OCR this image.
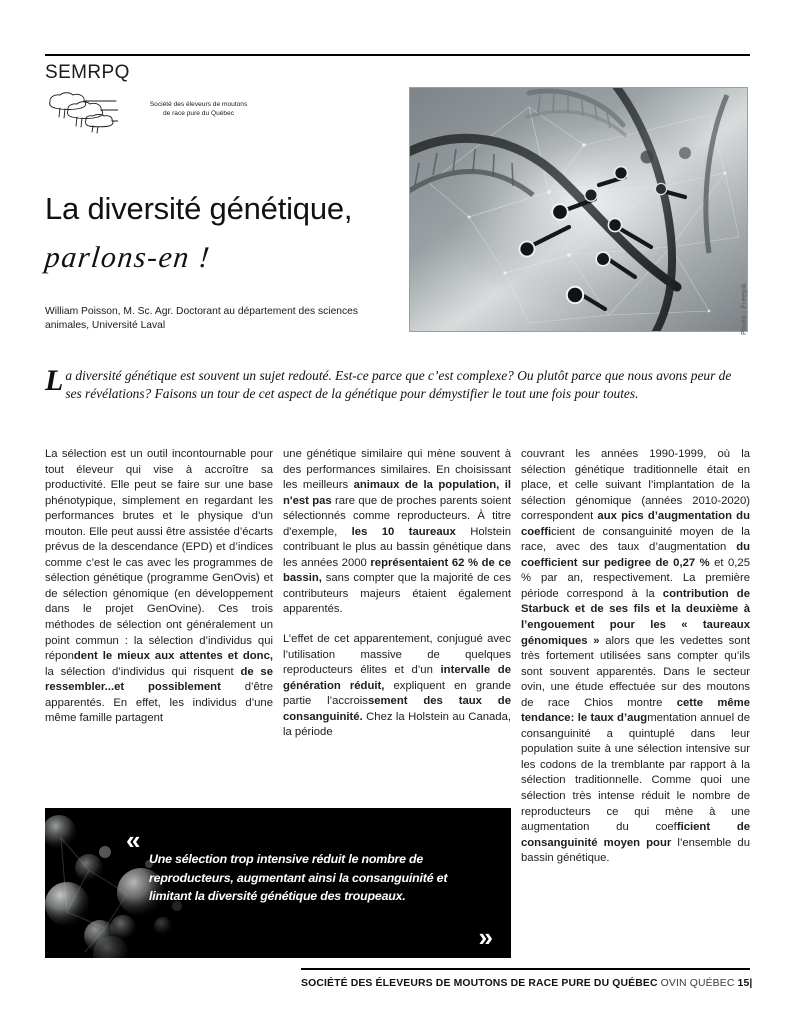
SEMRPQ
Société des éleveurs de moutons
de race pure du Québec
Photo : Freepik
La diversité génétique,
parlons-en !
William Poisson, M. Sc. Agr. Doctorant au département des sciences animales, Université Laval
La diversité génétique est souvent un sujet redouté. Est-ce parce que c’est complexe? Ou plutôt parce que nous avons peur de ses révélations? Faisons un tour de cet aspect de la génétique pour démystifier le tout une fois pour toutes.

La sélection est un outil incontournable pour tout éleveur qui vise à accroître sa productivité. Elle peut se faire sur une base phénotypique, simplement en regardant les performances brutes et le physique d’un mouton. Elle peut aussi être assistée d’écarts prévus de la descendance (EPD) et d’indices comme c’est le cas avec les programmes de sélection génétique (programme GenOvis) et de sélection génomique (en développement dans le projet GenOvine). Ces trois méthodes de sélection ont généralement un point commun : la sélection d’individus qui répondent le mieux aux attentes et donc, la sélection d’individus qui risquent de se ressembler...et possiblement d’être apparentés. En effet, les individus d’une même famille partagent

une génétique similaire qui mène souvent à des performances similaires. En choisissant les meilleurs animaux de la population, il n'est pas rare que de proches parents soient sélectionnés comme reproducteurs. À titre d'exemple, les 10 taureaux Holstein contribuant le plus au bassin génétique dans les années 2000 représentaient 62 % de ce bassin, sans compter que la majorité de ces contributeurs majeurs étaient également apparentés.

L’effet de cet apparentement, conjugué avec l’utilisation massive de quelques reproducteurs élites et d’un intervalle de génération réduit, expliquent en grande partie l’accroissement des taux de consanguinité. Chez la Holstein au Canada, la période

couvrant les années 1990-1999, où la sélection génétique traditionnelle était en place, et celle suivant l’implantation de la sélection génomique (années 2010-2020) correspondent aux pics d’augmentation du coefficient de consanguinité moyen de la race, avec des taux d’augmentation du coefficient sur pedigree de 0,27 % et 0,25 % par an, respectivement. La première période correspond à la contribution de Starbuck et de ses fils et la deuxième à l’engouement pour les « taureaux génomiques » alors que les vedettes sont très fortement utilisées sans compter qu’ils sont souvent apparentés. Dans le secteur ovin, une étude effectuée sur des moutons de race Chios montre cette même tendance: le taux d’augmentation annuel de consanguinité a quintuplé dans leur population suite à une sélection intensive sur les codons de la tremblante par rapport à la sélection traditionnelle. Comme quoi une sélection très intense réduit le nombre de reproducteurs ce qui mène à une augmentation du coefficient de consanguinité moyen pour l’ensemble du bassin génétique.

«
Une sélection trop intensive réduit le nombre de reproducteurs, augmentant ainsi la consanguinité et limitant la diversité génétique des troupeaux.
»
SOCIÉTÉ DES ÉLEVEURS DE MOUTONS DE RACE PURE DU QUÉBEC OVIN QUÉBEC 15|
